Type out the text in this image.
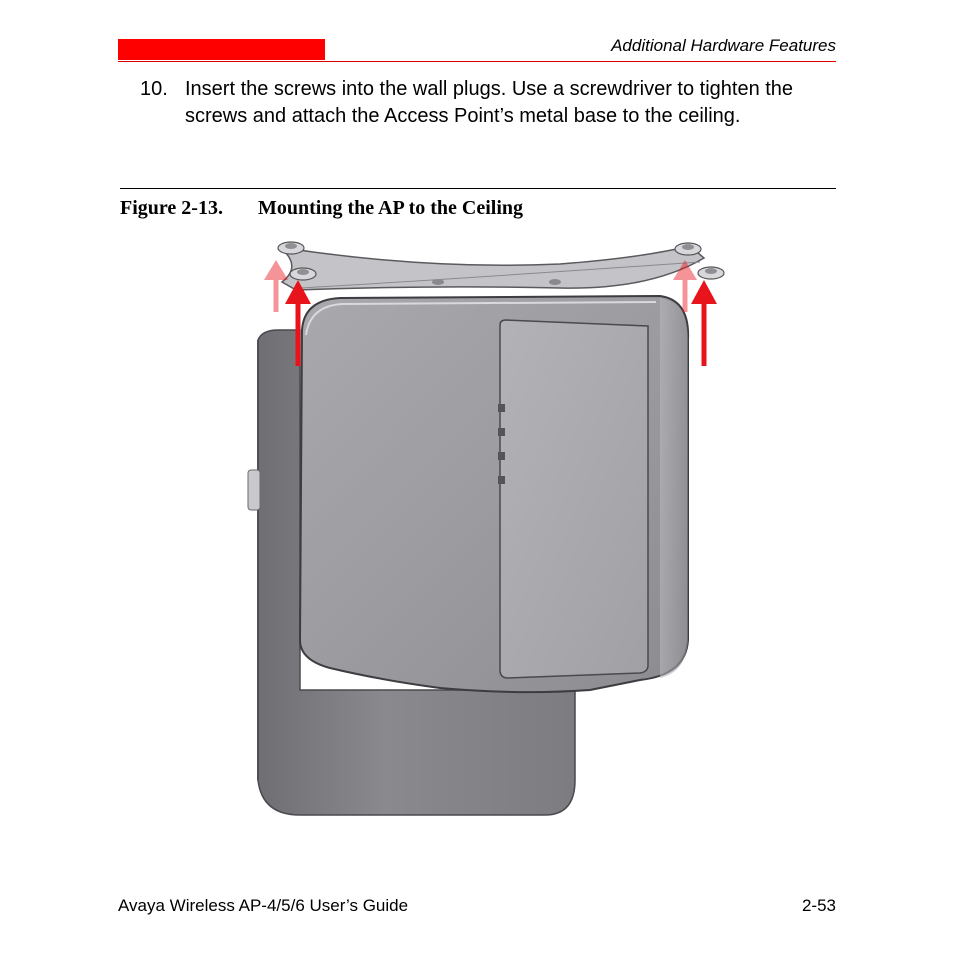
Additional Hardware Features
10. Insert the screws into the wall plugs. Use a screwdriver to tighten the screws and attach the Access Point’s metal base to the ceiling.
Figure 2-13. Mounting the AP to the Ceiling
Avaya Wireless AP-4/5/6 User’s Guide	2-53
